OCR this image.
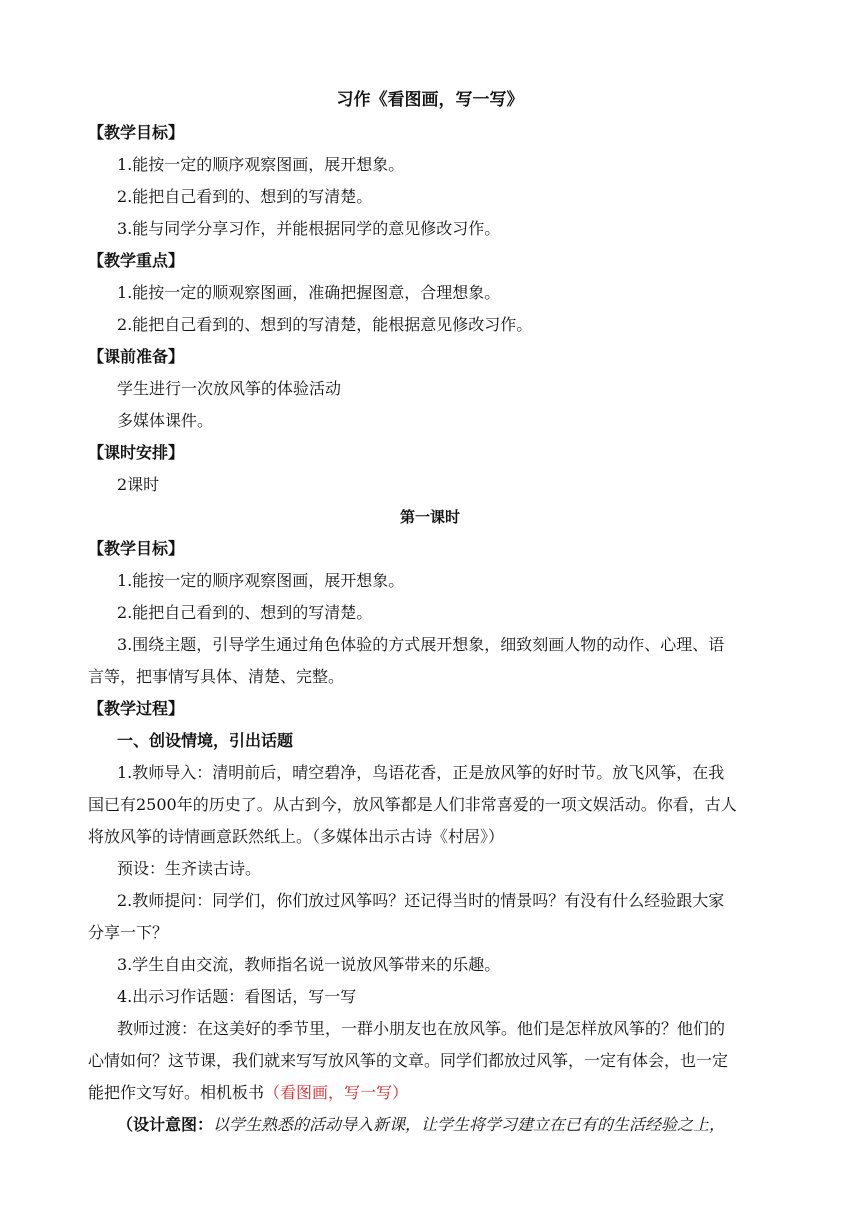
习作《看图画，写一写》
【教学目标】
1.能按一定的顺序观察图画，展开想象。
2.能把自己看到的、想到的写清楚。
3.能与同学分享习作，并能根据同学的意见修改习作。
【教学重点】
1.能按一定的顺观察图画，准确把握图意，合理想象。
2.能把自己看到的、想到的写清楚，能根据意见修改习作。
【课前准备】
学生进行一次放风筝的体验活动
多媒体课件。
【课时安排】
2课时
第一课时
【教学目标】
1.能按一定的顺序观察图画，展开想象。
2.能把自己看到的、想到的写清楚。
3.围绕主题，引导学生通过角色体验的方式展开想象，细致刻画人物的动作、心理、语
言等，把事情写具体、清楚、完整。
【教学过程】
一、创设情境，引出话题
1.教师导入：清明前后，晴空碧净，鸟语花香，正是放风筝的好时节。放飞风筝，在我
国已有2500年的历史了。从古到今，放风筝都是人们非常喜爱的一项文娱活动。你看，古人
将放风筝的诗情画意跃然纸上。（多媒体出示古诗《村居》）
预设：生齐读古诗。
2.教师提问：同学们，你们放过风筝吗？还记得当时的情景吗？有没有什么经验跟大家
分享一下？
3.学生自由交流，教师指名说一说放风筝带来的乐趣。
4.出示习作话题：看图话，写一写
教师过渡：在这美好的季节里，一群小朋友也在放风筝。他们是怎样放风筝的？他们的
心情如何？这节课，我们就来写写放风筝的文章。同学们都放过风筝，一定有体会，也一定
能把作文写好。相机板书（看图画，写一写）
（设计意图：以学生熟悉的活动导入新课，让学生将学习建立在已有的生活经验之上，
